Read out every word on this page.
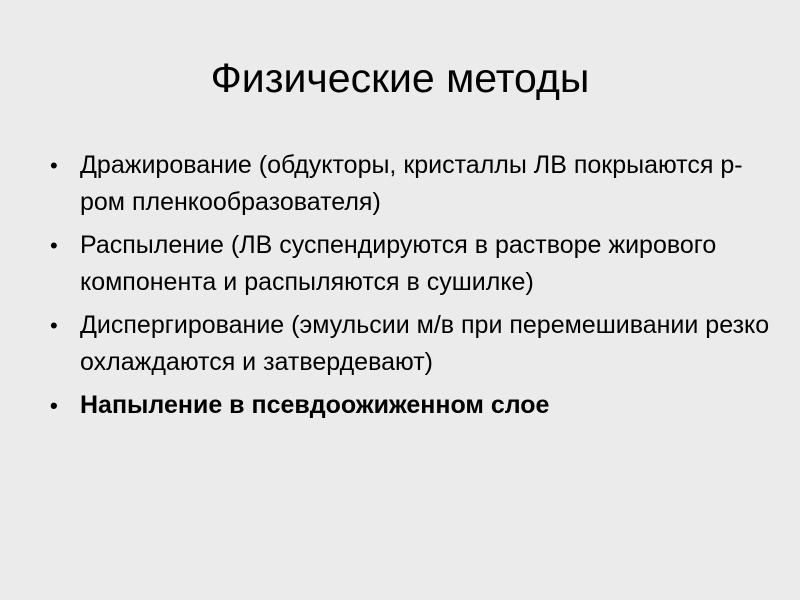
Физические методы
• Дражирование (обдукторы, кристаллы ЛВ покрыаются р-ром пленкообразователя)
• Распыление (ЛВ суспендируются в растворе жирового компонента и распыляются в сушилке)
• Диспергирование (эмульсии м/в при перемешивании резко охлаждаются и затвердевают)
• Напыление в псевдоожиженном слое
